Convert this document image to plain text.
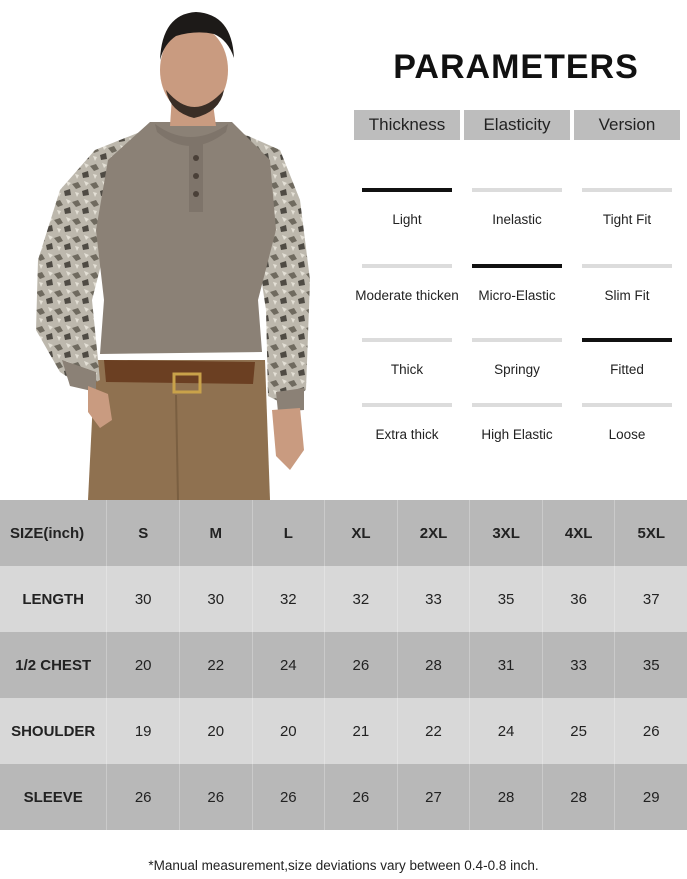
PARAMETERS
Thickness
Light
Moderate thicken
Thick
Extra thick
Elasticity
Inelastic
Micro-Elastic
Springy
High Elastic
Version
Tight Fit
Slim Fit
Fitted
Loose
SIZE(inch)	S	M	L	XL	2XL	3XL	4XL	5XL
LENGTH	30	30	32	32	33	35	36	37
1/2 CHEST	20	22	24	26	28	31	33	35
SHOULDER	19	20	20	21	22	24	25	26
SLEEVE	26	26	26	26	27	28	28	29
*Manual measurement,size deviations vary between 0.4-0.8 inch.
